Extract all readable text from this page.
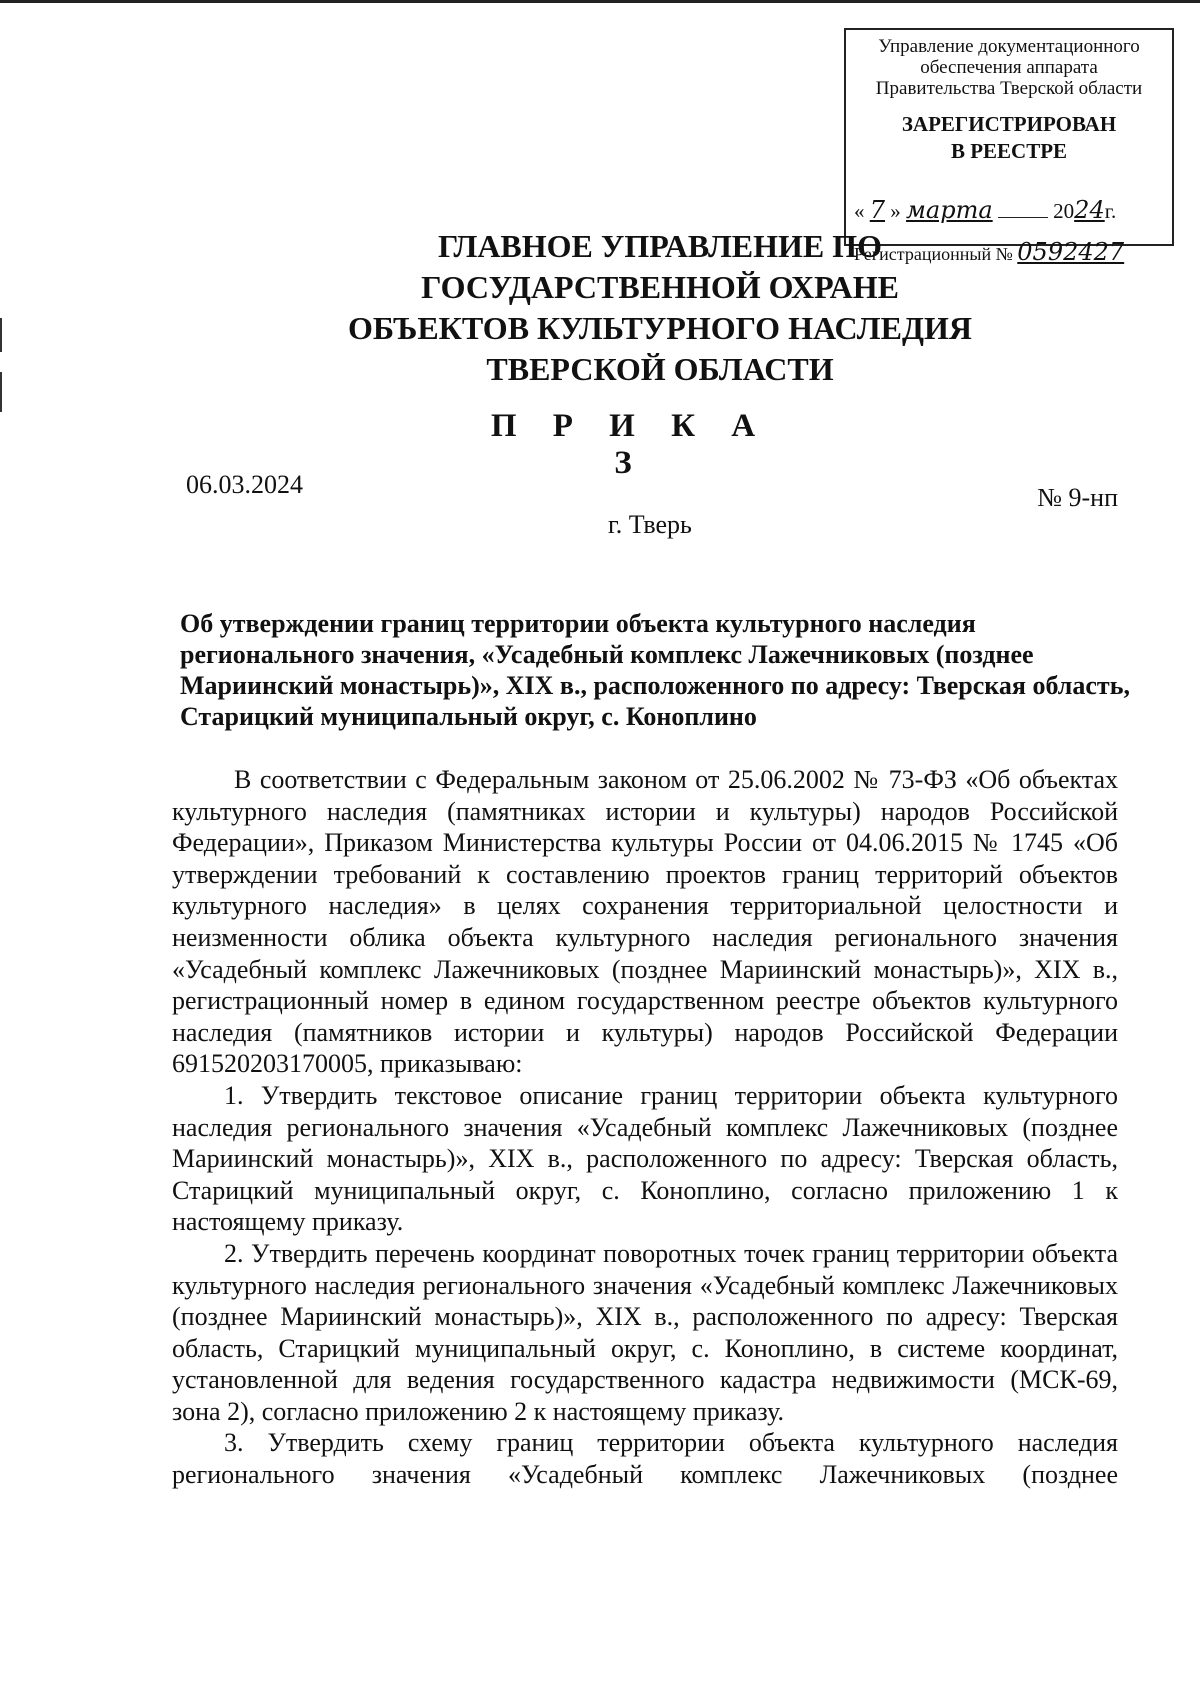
Управление документационного
обеспечения аппарата
Правительства Тверской области
ЗАРЕГИСТРИРОВАН
В РЕЕСТРЕ
« 7 » марта	2024г.
Регистрационный № 0592427
ГЛАВНОЕ УПРАВЛЕНИЕ ПО
ГОСУДАРСТВЕННОЙ ОХРАНЕ
ОБЪЕКТОВ КУЛЬТУРНОГО НАСЛЕДИЯ
ТВЕРСКОЙ ОБЛАСТИ
П Р И К А З
06.03.2024	№ 9-нп
г. Тверь
Об утверждении границ территории объекта культурного наследия регионального значения, «Усадебный комплекс Лажечниковых (позднее Мариинский монастырь)», XIX в., расположенного по адресу: Тверская область, Старицкий муниципальный округ, с. Коноплино

В соответствии с Федеральным законом от 25.06.2002 № 73-ФЗ «Об объектах культурного наследия (памятниках истории и культуры) народов Российской Федерации», Приказом Министерства культуры России от 04.06.2015 № 1745 «Об утверждении требований к составлению проектов границ территорий объектов культурного наследия» в целях сохранения территориальной целостности и неизменности облика объекта культурного наследия регионального значения «Усадебный комплекс Лажечниковых (позднее Мариинский монастырь)», XIX в., регистрационный номер в едином государственном реестре объектов культурного наследия (памятников истории и культуры) народов Российской Федерации 691520203170005, приказываю:

1. Утвердить текстовое описание границ территории объекта культурного наследия регионального значения «Усадебный комплекс Лажечниковых (позднее Мариинский монастырь)», XIX в., расположенного по адресу: Тверская область, Старицкий муниципальный округ, с. Коноплино, согласно приложению 1 к настоящему приказу.

2. Утвердить перечень координат поворотных точек границ территории объекта культурного наследия регионального значения «Усадебный комплекс Лажечниковых (позднее Мариинский монастырь)», XIX в., расположенного по адресу: Тверская область, Старицкий муниципальный округ, с. Коноплино, в системе координат, установленной для ведения государственного кадастра недвижимости (МСК-69, зона 2), согласно приложению 2 к настоящему приказу.

3. Утвердить схему границ территории объекта культурного наследия регионального значения «Усадебный комплекс Лажечниковых (позднее
